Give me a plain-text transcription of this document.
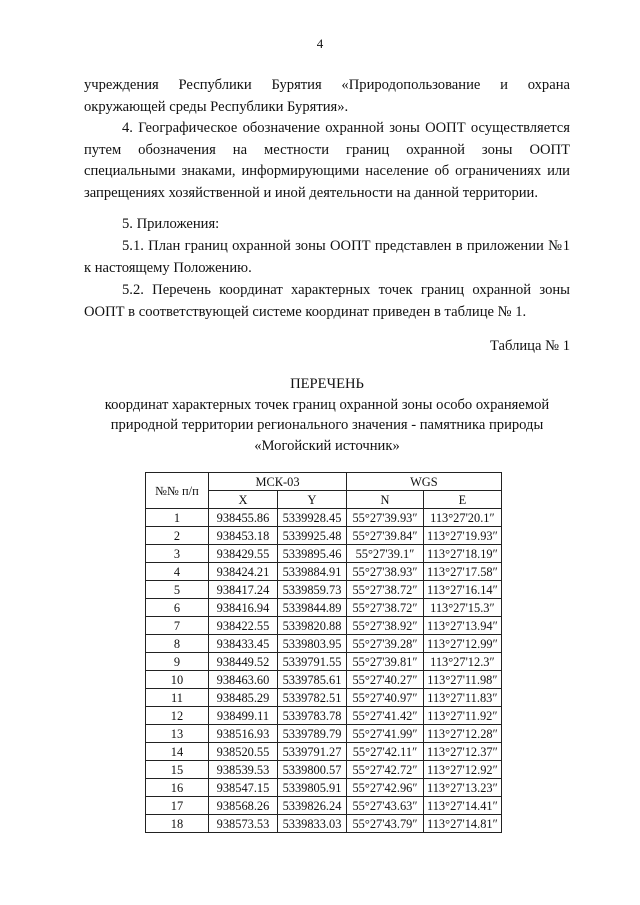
4
учреждения Республики Бурятия «Природопользование и охрана окружающей среды Республики Бурятия».
4. Географическое обозначение охранной зоны ООПТ осуществляется путем обозначения на местности границ охранной зоны ООПТ специальными знаками, информирующими население об ограничениях или запрещениях хозяйственной и иной деятельности на данной территории.
5. Приложения:
5.1. План границ охранной зоны ООПТ представлен в приложении №1 к настоящему Положению.
5.2. Перечень координат характерных точек границ охранной зоны ООПТ в соответствующей системе координат приведен в таблице № 1.
Таблица № 1
ПЕРЕЧЕНЬ
координат характерных точек границ охранной зоны особо охраняемой
природной территории регионального значения - памятника природы
«Могойский источник»
№№ п/п	МСК-03		WGS	
	X	Y	N	E
1	938455.86	5339928.45	55°27'39.93″	113°27'20.1″
2	938453.18	5339925.48	55°27'39.84″	113°27'19.93″
3	938429.55	5339895.46	55°27'39.1″	113°27'18.19″
4	938424.21	5339884.91	55°27'38.93″	113°27'17.58″
5	938417.24	5339859.73	55°27'38.72″	113°27'16.14″
6	938416.94	5339844.89	55°27'38.72″	113°27'15.3″
7	938422.55	5339820.88	55°27'38.92″	113°27'13.94″
8	938433.45	5339803.95	55°27'39.28″	113°27'12.99″
9	938449.52	5339791.55	55°27'39.81″	113°27'12.3″
10	938463.60	5339785.61	55°27'40.27″	113°27'11.98″
11	938485.29	5339782.51	55°27'40.97″	113°27'11.83″
12	938499.11	5339783.78	55°27'41.42″	113°27'11.92″
13	938516.93	5339789.79	55°27'41.99″	113°27'12.28″
14	938520.55	5339791.27	55°27'42.11″	113°27'12.37″
15	938539.53	5339800.57	55°27'42.72″	113°27'12.92″
16	938547.15	5339805.91	55°27'42.96″	113°27'13.23″
17	938568.26	5339826.24	55°27'43.63″	113°27'14.41″
18	938573.53	5339833.03	55°27'43.79″	113°27'14.81″
